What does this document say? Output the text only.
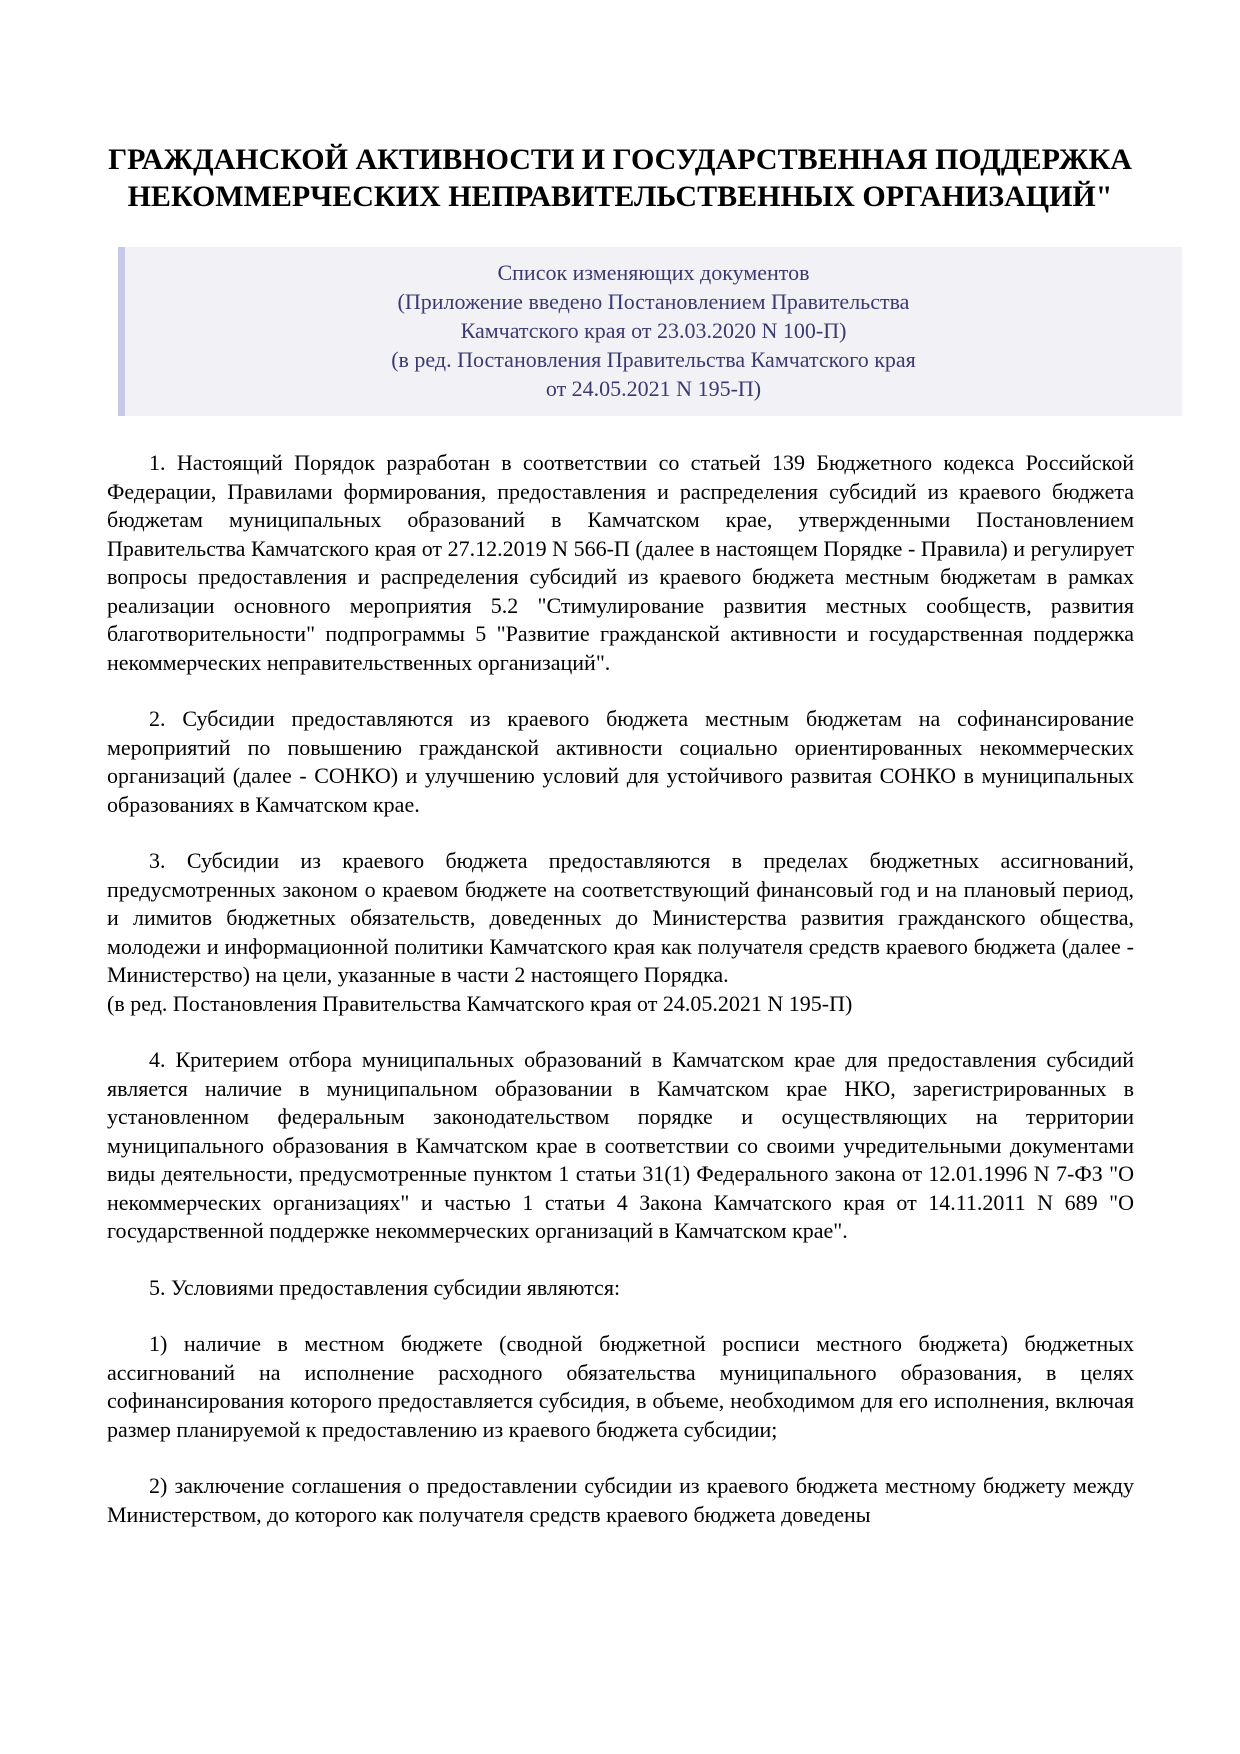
ГРАЖДАНСКОЙ АКТИВНОСТИ И ГОСУДАРСТВЕННАЯ ПОДДЕРЖКА
НЕКОММЕРЧЕСКИХ НЕПРАВИТЕЛЬСТВЕННЫХ ОРГАНИЗАЦИЙ"
Список изменяющих документов
(Приложение введено Постановлением Правительства
Камчатского края от 23.03.2020 N 100-П)
(в ред. Постановления Правительства Камчатского края
от 24.05.2021 N 195-П)

1. Настоящий Порядок разработан в соответствии со статьей 139 Бюджетного кодекса Российской Федерации, Правилами формирования, предоставления и распределения субсидий из краевого бюджета бюджетам муниципальных образований в Камчатском крае, утвержденными Постановлением Правительства Камчатского края от 27.12.2019 N 566-П (далее в настоящем Порядке - Правила) и регулирует вопросы предоставления и распределения субсидий из краевого бюджета местным бюджетам в рамках реализации основного мероприятия 5.2 "Стимулирование развития местных сообществ, развития благотворительности" подпрограммы 5 "Развитие гражданской активности и государственная поддержка некоммерческих неправительственных организаций".

2. Субсидии предоставляются из краевого бюджета местным бюджетам на софинансирование мероприятий по повышению гражданской активности социально ориентированных некоммерческих организаций (далее - СОНКО) и улучшению условий для устойчивого развитая СОНКО в муниципальных образованиях в Камчатском крае.

3. Субсидии из краевого бюджета предоставляются в пределах бюджетных ассигнований, предусмотренных законом о краевом бюджете на соответствующий финансовый год и на плановый период, и лимитов бюджетных обязательств, доведенных до Министерства развития гражданского общества, молодежи и информационной политики Камчатского края как получателя средств краевого бюджета (далее - Министерство) на цели, указанные в части 2 настоящего Порядка.

(в ред. Постановления Правительства Камчатского края от 24.05.2021 N 195-П)

4. Критерием отбора муниципальных образований в Камчатском крае для предоставления субсидий является наличие в муниципальном образовании в Камчатском крае НКО, зарегистрированных в установленном федеральным законодательством порядке и осуществляющих на территории муниципального образования в Камчатском крае в соответствии со своими учредительными документами виды деятельности, предусмотренные пунктом 1 статьи 31(1) Федерального закона от 12.01.1996 N 7-ФЗ "О некоммерческих организациях" и частью 1 статьи 4 Закона Камчатского края от 14.11.2011 N 689 "О государственной поддержке некоммерческих организаций в Камчатском крае".

5. Условиями предоставления субсидии являются:

1) наличие в местном бюджете (сводной бюджетной росписи местного бюджета) бюджетных ассигнований на исполнение расходного обязательства муниципального образования, в целях софинансирования которого предоставляется субсидия, в объеме, необходимом для его исполнения, включая размер планируемой к предоставлению из краевого бюджета субсидии;

2) заключение соглашения о предоставлении субсидии из краевого бюджета местному бюджету между Министерством, до которого как получателя средств краевого бюджета доведены
